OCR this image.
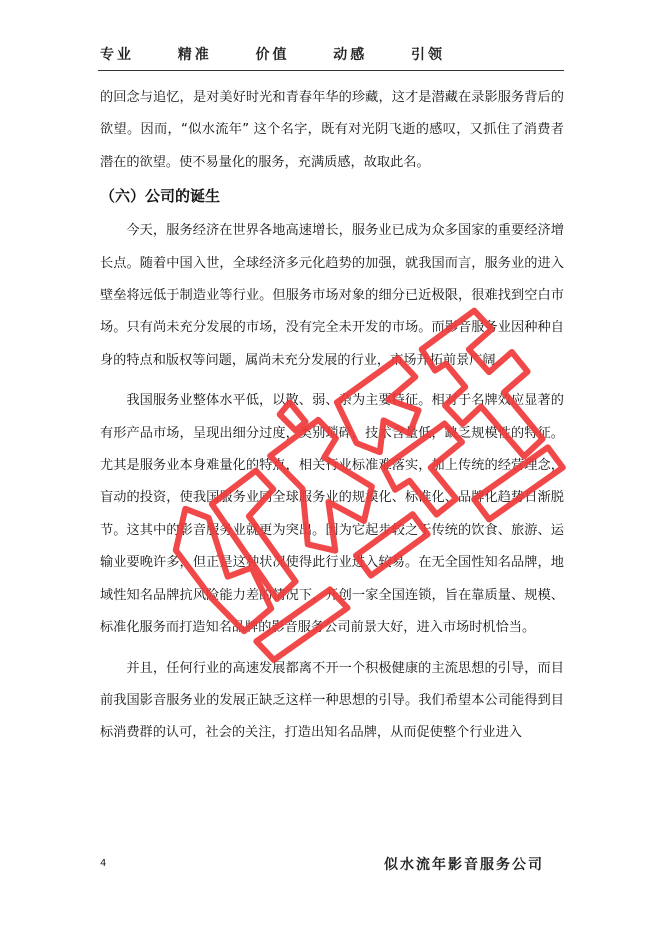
专业  精准  价值  动感  引领

的回念与追忆，是对美好时光和青春年华的珍藏，这才是潜藏在录影服务背后的欲望。因而，“似水流年” 这个名字，既有对光阴飞逝的感叹，又抓住了消费者潜在的欲望。使不易量化的服务，充满质感，故取此名。

（六）公司的诞生

今天，服务经济在世界各地高速增长，服务业已成为众多国家的重要经济增长点。随着中国入世，全球经济多元化趋势的加强，就我国而言，服务业的进入壁垒将远低于制造业等行业。但服务市场对象的细分已近极限，很难找到空白市场。只有尚未充分发展的市场，没有完全未开发的市场。而影音服务业因种种自身的特点和版权等问题，属尚未充分发展的行业，市场开拓前景广阔。

我国服务业整体水平低，以散、弱、杂为主要特征。相对于名牌效应显著的有形产品市场，呈现出细分过度，类别琐碎，技术含量低，缺乏规模性的特征。尤其是服务业本身难量化的特点，相关行业标准难落实，加上传统的经营理念，盲动的投资，使我国服务业同全球服务业的规模化、标准化、品牌化趋势日渐脱节。这其中的影音服务业就更为突出。因为它起步较之于传统的饮食、旅游、运输业要晚许多，但正是这种状况使得此行业进入较易。在无全国性知名品牌，地域性知名品牌抗风险能力差的情况下，开创一家全国连锁，旨在靠质量、规模、标准化服务而打造知名品牌的影音服务公司前景大好，进入市场时机恰当。

并且，任何行业的高速发展都离不开一个积极健康的主流思想的引导，而目前我国影音服务业的发展正缺乏这样一种思想的引导。我们希望本公司能得到目标消费群的认可，社会的关注，打造出知名品牌，从而促使整个行业进入

4	似水流年影音服务公司
